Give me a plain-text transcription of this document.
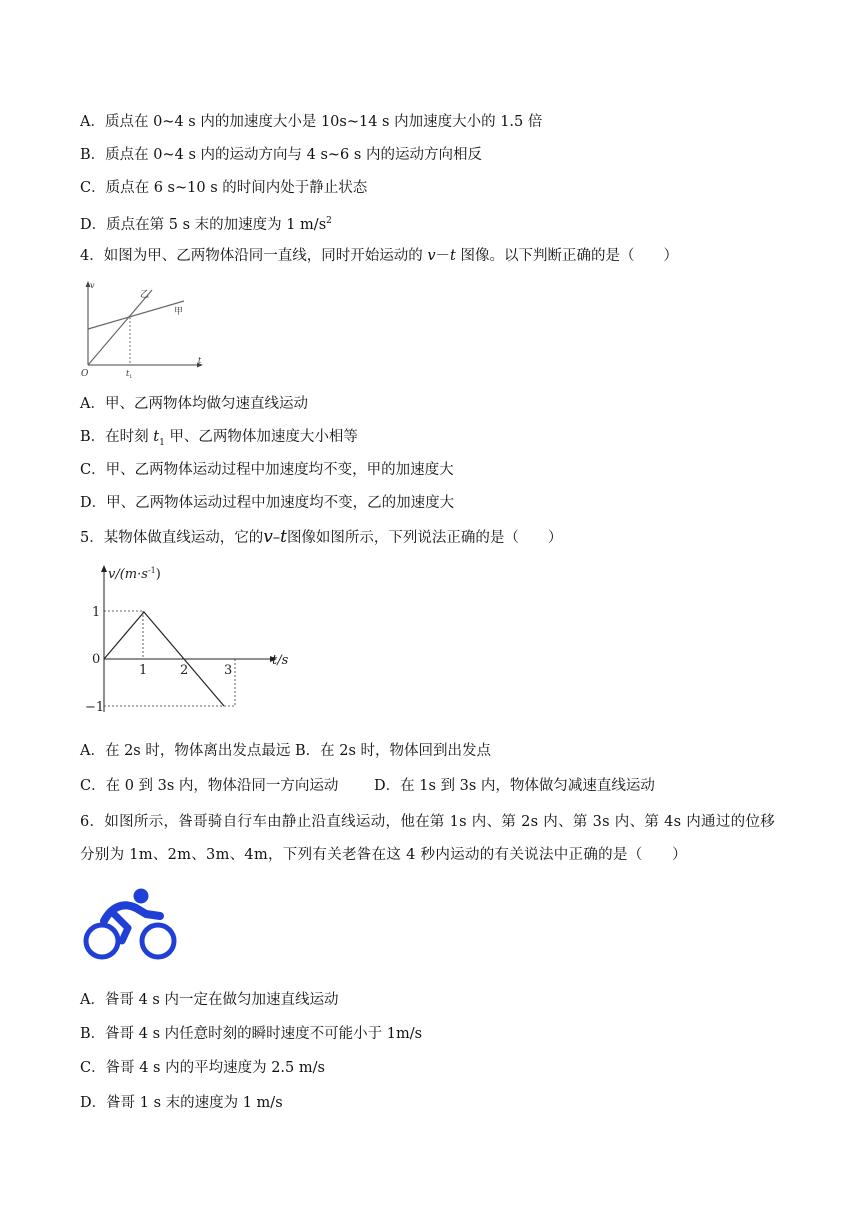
A．质点在 0~4 s 内的加速度大小是 10s~14 s 内加速度大小的 1.5 倍
B．质点在 0~4 s 内的运动方向与 4 s~6 s 内的运动方向相反
C．质点在 6 s~10 s 的时间内处于静止状态
D．质点在第 5 s 末的加速度为 1 $m/s^2$
4．如图为甲、乙两物体沿同一直线，同时开始运动的 v－t 图像。以下判断正确的是（　　）
v
t
O	$t_1$
甲
乙
A．甲、乙两物体均做匀速直线运动
B．在时刻 $t_1$ 甲、乙两物体加速度大小相等
C．甲、乙两物体运动过程中加速度均不变，甲的加速度大
D．甲、乙两物体运动过程中加速度均不变，乙的加速度大
5．某物体做直线运动，它的v–t图像如图所示，下列说法正确的是（　　）
$v/(m\cdot s^{-1})$
t/s
1
0
−1
1	2	3
A．在 2s 时，物体离出发点最远 B．在 2s 时，物体回到出发点
C．在 0 到 3s 内，物体沿同一方向运动 D．在 1s 到 3s 内，物体做匀减速直线运动
6．如图所示，昝哥骑自行车由静止沿直线运动，他在第 1s 内、第 2s 内、第 3s 内、第 4s 内通过的位移分别为 1m、2m、3m、4m，下列有关老昝在这 4 秒内运动的有关说法中正确的是（　　）
A．昝哥 4 s 内一定在做匀加速直线运动
B．昝哥 4 s 内任意时刻的瞬时速度不可能小于 1m/s
C．昝哥 4 s 内的平均速度为 2.5 m/s
D．昝哥 1 s 末的速度为 1 m/s
